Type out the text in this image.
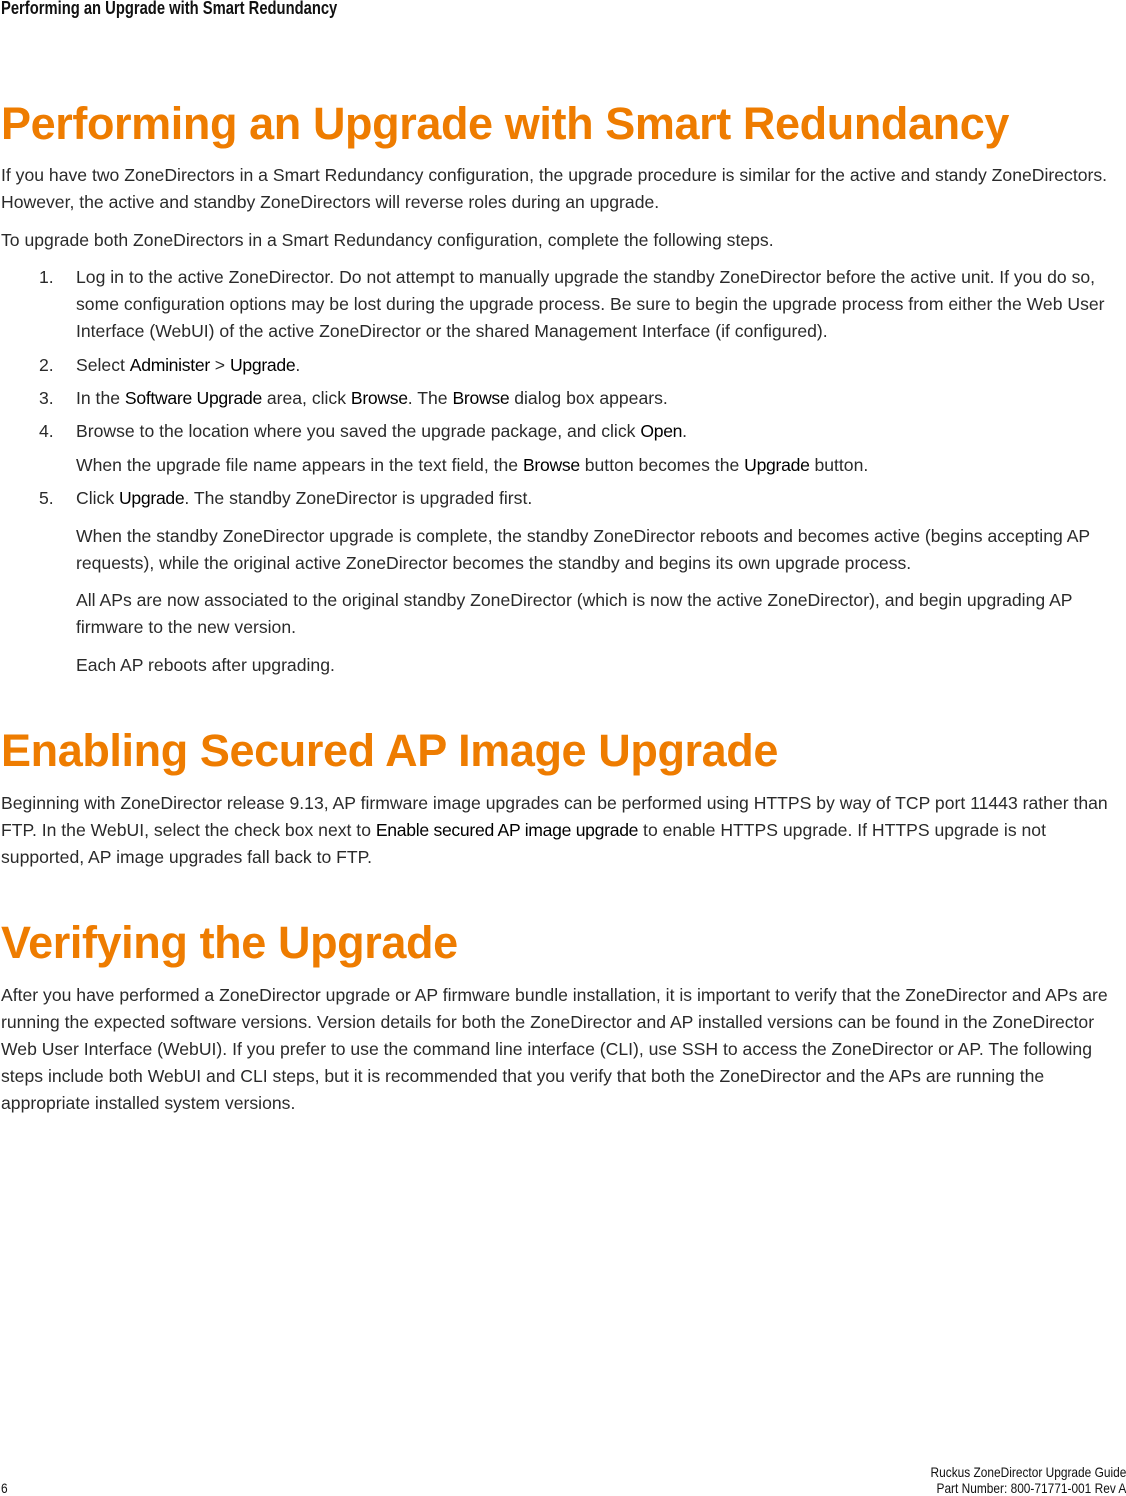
Performing an Upgrade with Smart Redundancy
Performing an Upgrade with Smart Redundancy

If you have two ZoneDirectors in a Smart Redundancy configuration, the upgrade procedure is similar for the active and standy ZoneDirectors. However, the active and standby ZoneDirectors will reverse roles during an upgrade.

To upgrade both ZoneDirectors in a Smart Redundancy configuration, complete the following steps.

1. Log in to the active ZoneDirector. Do not attempt to manually upgrade the standby ZoneDirector before the active unit. If you do so, some configuration options may be lost during the upgrade process. Be sure to begin the upgrade process from either the Web User Interface (WebUI) of the active ZoneDirector or the shared Management Interface (if configured).

2. Select Administer > Upgrade.

3. In the Software Upgrade area, click Browse. The Browse dialog box appears.

4. Browse to the location where you saved the upgrade package, and click Open.

When the upgrade file name appears in the text field, the Browse button becomes the Upgrade button.

5. Click Upgrade. The standby ZoneDirector is upgraded first.

When the standby ZoneDirector upgrade is complete, the standby ZoneDirector reboots and becomes active (begins accepting AP requests), while the original active ZoneDirector becomes the standby and begins its own upgrade process.

All APs are now associated to the original standby ZoneDirector (which is now the active ZoneDirector), and begin upgrading AP firmware to the new version.

Each AP reboots after upgrading.

Enabling Secured AP Image Upgrade

Beginning with ZoneDirector release 9.13, AP firmware image upgrades can be performed using HTTPS by way of TCP port 11443 rather than FTP. In the WebUI, select the check box next to Enable secured AP image upgrade to enable HTTPS upgrade. If HTTPS upgrade is not supported, AP image upgrades fall back to FTP.

Verifying the Upgrade

After you have performed a ZoneDirector upgrade or AP firmware bundle installation, it is important to verify that the ZoneDirector and APs are running the expected software versions. Version details for both the ZoneDirector and AP installed versions can be found in the ZoneDirector Web User Interface (WebUI). If you prefer to use the command line interface (CLI), use SSH to access the ZoneDirector or AP. The following steps include both WebUI and CLI steps, but it is recommended that you verify that both the ZoneDirector and the APs are running the appropriate installed system versions.

6
Ruckus ZoneDirector Upgrade Guide
Part Number: 800-71771-001 Rev A
